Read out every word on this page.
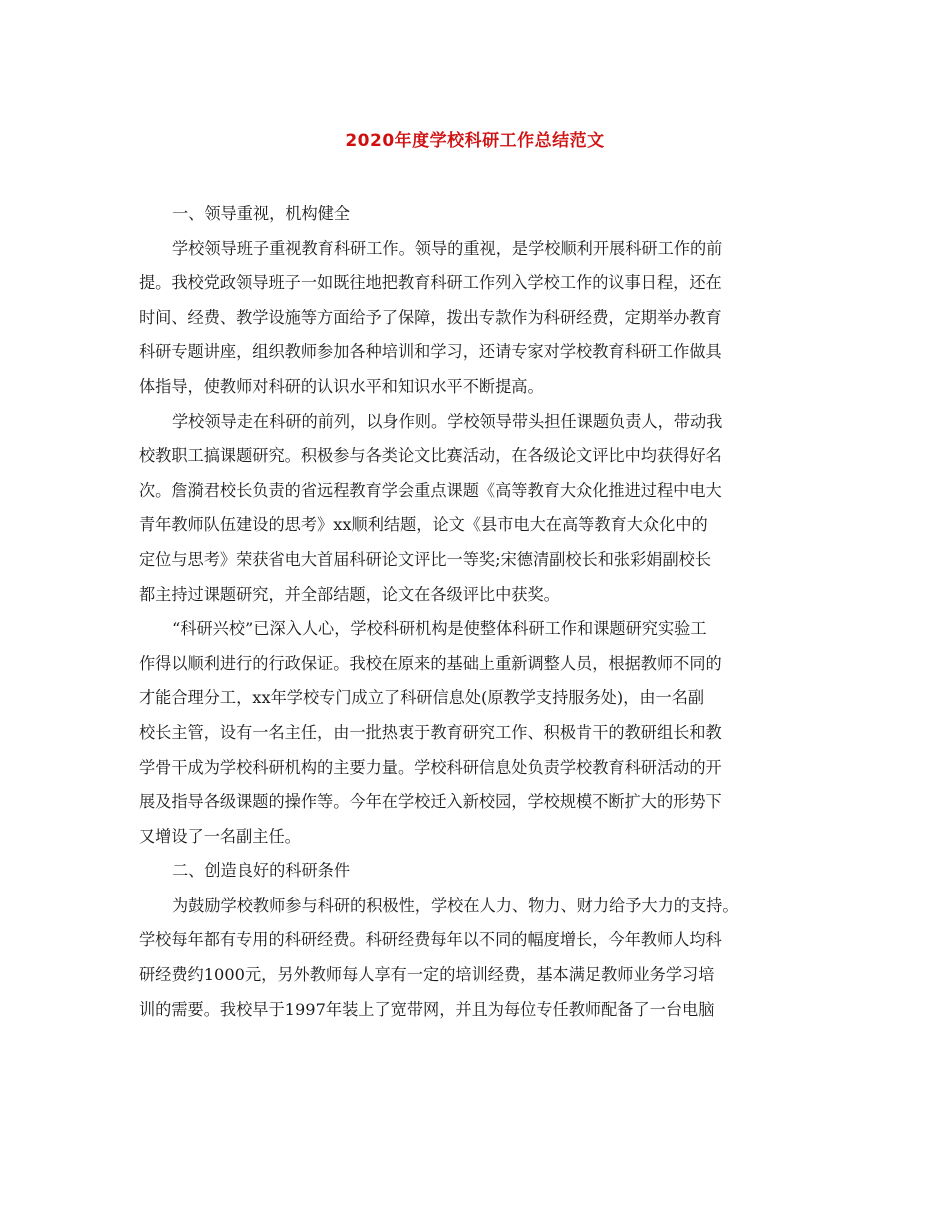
2020年度学校科研工作总结范文
一、领导重视，机构健全
学校领导班子重视教育科研工作。领导的重视，是学校顺利开展科研工作的前
提。我校党政领导班子一如既往地把教育科研工作列入学校工作的议事日程，还在
时间、经费、教学设施等方面给予了保障，拨出专款作为科研经费，定期举办教育
科研专题讲座，组织教师参加各种培训和学习，还请专家对学校教育科研工作做具
体指导，使教师对科研的认识水平和知识水平不断提高。
学校领导走在科研的前列，以身作则。学校领导带头担任课题负责人，带动我
校教职工搞课题研究。积极参与各类论文比赛活动，在各级论文评比中均获得好名
次。詹漪君校长负责的省远程教育学会重点课题《高等教育大众化推进过程中电大
青年教师队伍建设的思考》xx顺利结题，论文《县市电大在高等教育大众化中的
定位与思考》荣获省电大首届科研论文评比一等奖;宋德清副校长和张彩娟副校长
都主持过课题研究，并全部结题，论文在各级评比中获奖。
“科研兴校”已深入人心，学校科研机构是使整体科研工作和课题研究实验工
作得以顺利进行的行政保证。我校在原来的基础上重新调整人员，根据教师不同的
才能合理分工，xx年学校专门成立了科研信息处(原教学支持服务处)，由一名副
校长主管，设有一名主任，由一批热衷于教育研究工作、积极肯干的教研组长和教
学骨干成为学校科研机构的主要力量。学校科研信息处负责学校教育科研活动的开
展及指导各级课题的操作等。今年在学校迁入新校园，学校规模不断扩大的形势下
又增设了一名副主任。
二、创造良好的科研条件
为鼓励学校教师参与科研的积极性，学校在人力、物力、财力给予大力的支持。
学校每年都有专用的科研经费。科研经费每年以不同的幅度增长，今年教师人均科
研经费约1000元，另外教师每人享有一定的培训经费，基本满足教师业务学习培
训的需要。我校早于1997年装上了宽带网，并且为每位专任教师配备了一台电脑
